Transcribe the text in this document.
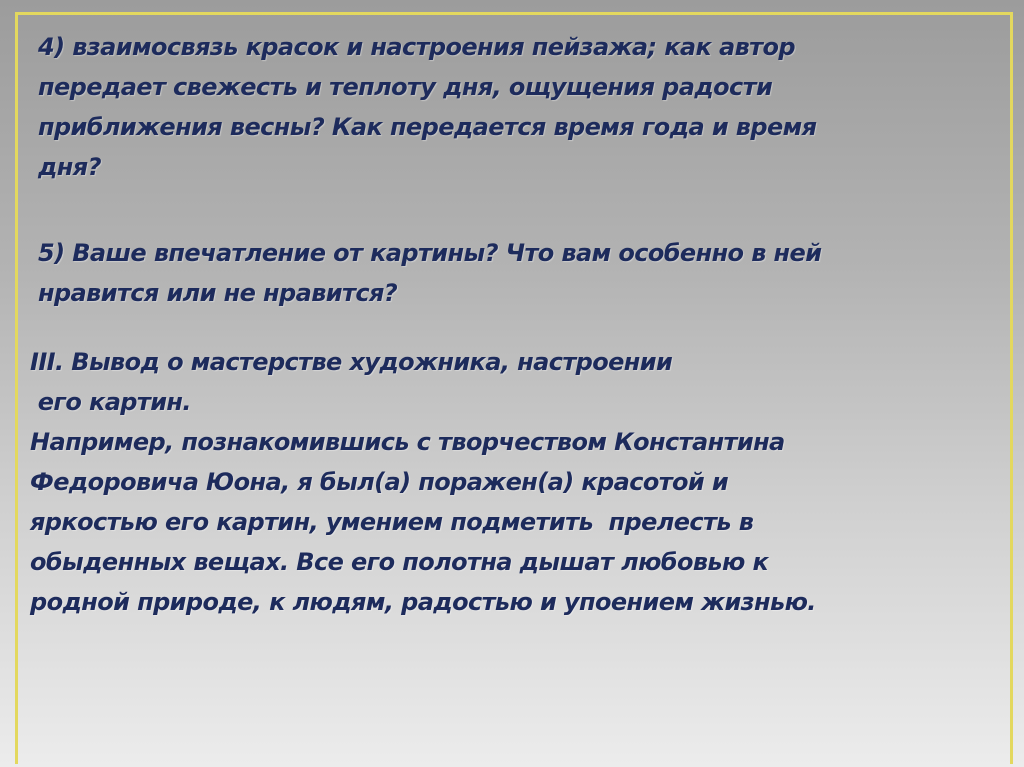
4) взаимосвязь красок и настроения пейзажа; как автор
передает свежесть и теплоту дня, ощущения радости
приближения весны? Как передается время года и время
дня?

5) Ваше впечатление от картины? Что вам особенно в ней
нравится или не нравится?

III. Вывод о мастерстве художника, настроении
его картин.
Например, познакомившись с творчеством Константина
Федоровича Юона, я был(а) поражен(а) красотой и
яркостью его картин, умением подметить  прелесть в
обыденных вещах. Все его полотна дышат любовью к
родной природе, к людям, радостью и упоением жизнью.
